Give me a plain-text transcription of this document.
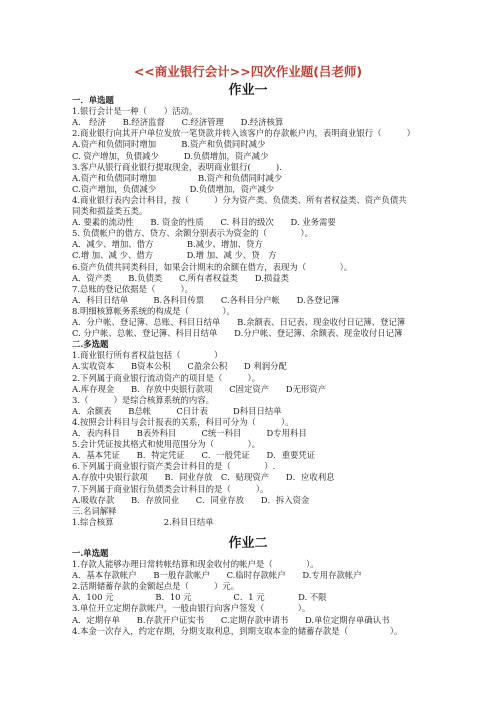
<<商业银行会计>>四次作业题(吕老师)
作业一
一．单选题
1.银行会计是一种（　　）活动。
A.　经济　　B.经济监督　　C.经济管理　　D.经济核算
2.商业银行向其开户单位发放一笔贷款并转入该客户的存款帐户内，表明商业银行（　　　）
A.资产和负债同时增加　　　B.资产和负债同时减少
C. 资产增加，负债减少　　　D.负债增加，资产减少
3.客户从银行商业银行提取现金，表明商业银行(　　　).
A.资产和负债同时增加　　　　　B.资产和负债同时减少
C.资产增加，负债减少　　　　D.负债增加，资产减少
4.商业银行表内会计科目，按（　　　）分为资产类、负债类、所有者权益类、资产负债共
同类和损益类五类。
A. 要素的流动性　　B. 资金的性质　　C. 科目的级次　　D. 业务需要
5. 负债帐户的借方、贷方、余额分别表示为资金的（　　　　）。
A．减少、增加、借方　　　　B.减少、增加、贷方
C.增 加、减 少、借方　　　　D.增 加、减 少、贷　方
6.资产负债共同类科目，如果会计期末的余额在借方，表现为（　　　　）。
A．资产类　　B.负债类　　C.所有者权益类　　D.损益类
7.总账的登记依据是（　　　）。
A．科目日结单　　　B.各科目传票　　C.各科目分户帐　　D.各登记簿
8.明细核算帐务系统的构成是（　　　　）。
A．分户帐、登记簿、总账、科目日结单　　B.余额表、日记表、现金收付日记簿、登记簿
C. 分户帐、总帐、登记簿、科目日结单　　D.分户帐、登记簿、余额表、现金收付日记簿
二.多选题
1.商业银行所有者权益包括（　　　　）
A.实收资本　　B资本公积　　C盈余公积　　D 利润分配
2.下列属于商业银行流动资产的项目是（　　　）。
A.库存现金　　B．存放中央银行款项　　C固定资产　　D无形资产
3.（　　　）是综合核算系统的内容。
A．余额表　　B总帐　　　C日计表　　　D科目日结单
4.按照会计科目与会计报表的关系，科目可分为（　　　）。
A．表内科目　　B表外科目　　　C统一科目　　　D专用科目
5.会计凭证按其格式和使用范围分为（　　　　）。
A．基本凭证　　B．特定凭证　　C．一般凭证　　D．重要凭证
6.下列属于商业银行资产类会计科目的是（　　　　）.
A.存放中央银行款项　　B．同业存放　C．贴现资产　　D．应收利息
7.下列属于商业银行负债类会计科目的是（　　　）。
A.吸收存款　　B．存放同业　　C．同业存放　　D．拆入资金
三.名词解释
1.综合核算　　　　　　2.科目日结单
作业二
一.单选题
1.存款人能够办理日常转帐结算和现金收付的帐户是（　　　　）。
A．基本存款帐户　　B一般存款帐户　　C.临时存款帐户　　D.专用存款帐户
2.活期储蓄存款的金额起点是（　　　）元。
A．100 元　　　　　B．10 元　　　　　C．1 元　　　　D. 不限
3.单位开立定期存款帐户，一般由银行向客户签发（　　　　）。
A．定期存单　　B.存款开户证实书　　C.定期存款申请书　　D.单位定期存单确认书
4.本金一次存入，约定存期，分期支取利息，到期支取本金的储蓄存款是（　　　　　）。
